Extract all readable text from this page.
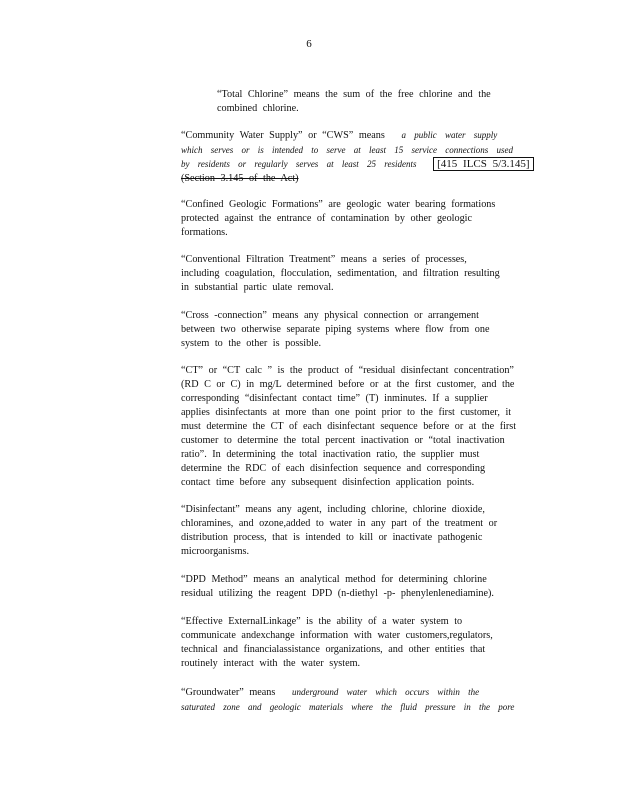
6
“Total Chlorine” means the sum of the free chlorine and the
combined chlorine.
“Community Water Supply” or “CWS” means a public water supply
which serves or is intended to serve at least 15 service connections used
by residents or regularly serves at least 25 residents [415 ILCS 5/3.145]
(Section 3.145 of the Act)
“Confined Geologic Formations” are geologic water bearing formations
protected against the entrance of contamination by other geologic
formations.
“Conventional Filtration Treatment” means a series of processes,
including coagulation, flocculation, sedimentation, and filtration resulting
in substantial partic ulate removal.
“Cross -connection” means any physical connection or arrangement
between two otherwise separate piping systems where flow from one
system to the other is possible.
“CT” or “CT calc ” is the product of “residual disinfectant concentration”
(RD C or C) in mg/L determined before or at the first customer, and the
corresponding “disinfectant contact time” (T) inminutes. If a supplier
applies disinfectants at more than one point prior to the first customer, it
must determine the CT of each disinfectant sequence before or at the first
customer to determine the total percent inactivation or “total inactivation
ratio”. In determining the total inactivation ratio, the supplier must
determine the RDC of each disinfection sequence and corresponding
contact time before any subsequent disinfection application points.
“Disinfectant” means any agent, including chlorine, chlorine dioxide,
chloramines, and ozone,added to water in any part of the treatment or
distribution process, that is intended to kill or inactivate pathogenic
microorganisms.
“DPD Method” means an analytical method for determining chlorine
residual utilizing the reagent DPD (n-diethyl -p- phenylenlenediamine).
“Effective ExternalLinkage” is the ability of a water system to
communicate andexchange information with water customers,regulators,
technical and financialassistance organizations, and other entities that
routinely interact with the water system.
“Groundwater” means underground water which occurs within the
saturated zone and geologic materials where the fluid pressure in the pore
